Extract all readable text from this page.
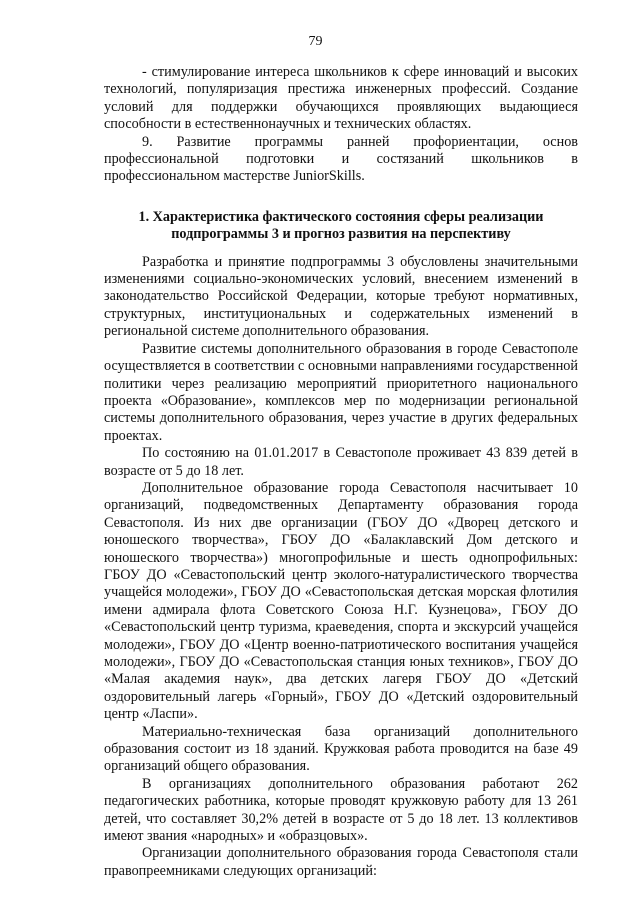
79

- стимулирование интереса школьников к сфере инноваций и высоких технологий, популяризация престижа инженерных профессий. Создание условий для поддержки обучающихся проявляющих выдающиеся способности в естественнонаучных и технических областях.

9. Развитие программы ранней профориентации, основ профессиональной подготовки и состязаний школьников в профессиональном мастерстве JuniorSkills.

1. Характеристика фактического состояния сферы реализации подпрограммы 3 и прогноз развития на перспективу

Разработка и принятие подпрограммы 3 обусловлены значительными изменениями социально-экономических условий, внесением изменений в законодательство Российской Федерации, которые требуют нормативных, структурных, институциональных и содержательных изменений в региональной системе дополнительного образования.

Развитие системы дополнительного образования в городе Севастополе осуществляется в соответствии с основными направлениями государственной политики через реализацию мероприятий приоритетного национального проекта «Образование», комплексов мер по модернизации региональной системы дополнительного образования, через участие в других федеральных проектах.

По состоянию на 01.01.2017 в Севастополе проживает 43 839 детей в возрасте от 5 до 18 лет.

Дополнительное образование города Севастополя насчитывает 10 организаций, подведомственных Департаменту образования города Севастополя. Из них две организации (ГБОУ ДО «Дворец детского и юношеского творчества», ГБОУ ДО «Балаклавский Дом детского и юношеского творчества») многопрофильные и шесть однопрофильных: ГБОУ ДО «Севастопольский центр эколого-натуралистического творчества учащейся молодежи», ГБОУ ДО «Севастопольская детская морская флотилия имени адмирала флота Советского Союза Н.Г. Кузнецова», ГБОУ ДО «Севастопольский центр туризма, краеведения, спорта и экскурсий учащейся молодежи», ГБОУ ДО «Центр военно-патриотического воспитания учащейся молодежи», ГБОУ ДО «Севастопольская станция юных техников», ГБОУ ДО «Малая академия наук», два детских лагеря ГБОУ ДО «Детский оздоровительный лагерь «Горный», ГБОУ ДО «Детский оздоровительный центр «Ласпи».

Материально-техническая база организаций дополнительного образования состоит из 18 зданий. Кружковая работа проводится на базе 49 организаций общего образования.

В организациях дополнительного образования работают 262 педагогических работника, которые проводят кружковую работу для 13 261 детей, что составляет 30,2% детей в возрасте от 5 до 18 лет. 13 коллективов имеют звания «народных» и «образцовых».

Организации дополнительного образования города Севастополя стали правопреемниками следующих организаций:
